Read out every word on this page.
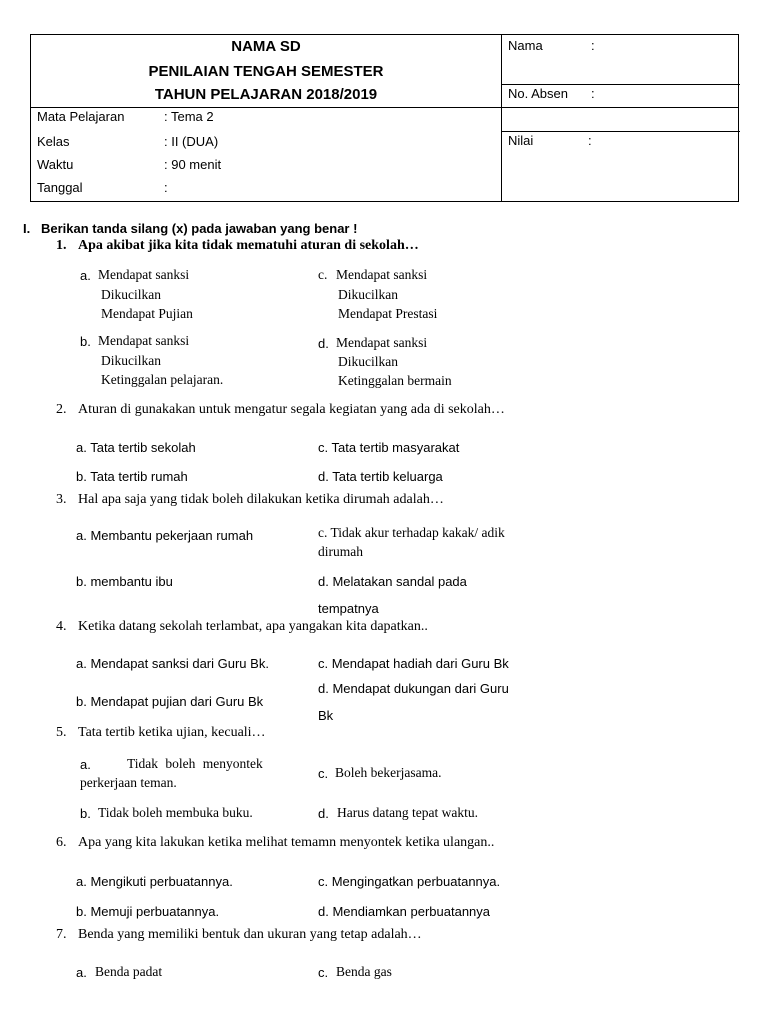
NAMA SD
PENILAIAN TENGAH SEMESTER
TAHUN PELAJARAN 2018/2019
Mata Pelajaran	: Tema 2
Kelas	: II (DUA)
Waktu	: 90 menit
Tanggal	:
Nama	:
No. Absen :
Nilai	:
I. Berikan tanda silang (x) pada jawaban yang benar !
1. Apa akibat jika kita tidak mematuhi aturan di sekolah…
a. Mendapat sanksi
Dikucilkan
Mendapat Pujian
b. Mendapat sanksi
Dikucilkan
Ketinggalan pelajaran.
c. Mendapat sanksi
Dikucilkan
Mendapat Prestasi
d. Mendapat sanksi
Dikucilkan
Ketinggalan bermain
2. Aturan di gunakakan untuk mengatur segala kegiatan yang ada di sekolah…
a. Tata tertib sekolah	c. Tata tertib masyarakat
b. Tata tertib rumah	d. Tata tertib keluarga
3. Hal apa saja yang tidak boleh dilakukan ketika dirumah adalah…
a. Membantu pekerjaan rumah	c. Tidak akur terhadap kakak/ adik
dirumah
b. membantu ibu	d. Melatakan sandal pada
tempatnya
4. Ketika datang sekolah terlambat, apa yangakan kita dapatkan..
a. Mendapat sanksi dari Guru Bk.	c. Mendapat hadiah dari Guru Bk
d. Mendapat dukungan dari Guru
b. Mendapat pujian dari Guru Bk
Bk
5. Tata tertib ketika ujian, kecuali…
a.	Tidak boleh menyontek
perkerjaan teman.
c. Boleh bekerjasama.
b. Tidak boleh membuka buku.	d. Harus datang tepat waktu.
6. Apa yang kita lakukan ketika melihat temamn menyontek ketika ulangan..
a. Mengikuti perbuatannya.	c. Mengingatkan perbuatannya.
b. Memuji perbuatannya.	d. Mendiamkan perbuatannya
7. Benda yang memiliki bentuk dan ukuran yang tetap adalah…
a. Benda padat	c. Benda gas
